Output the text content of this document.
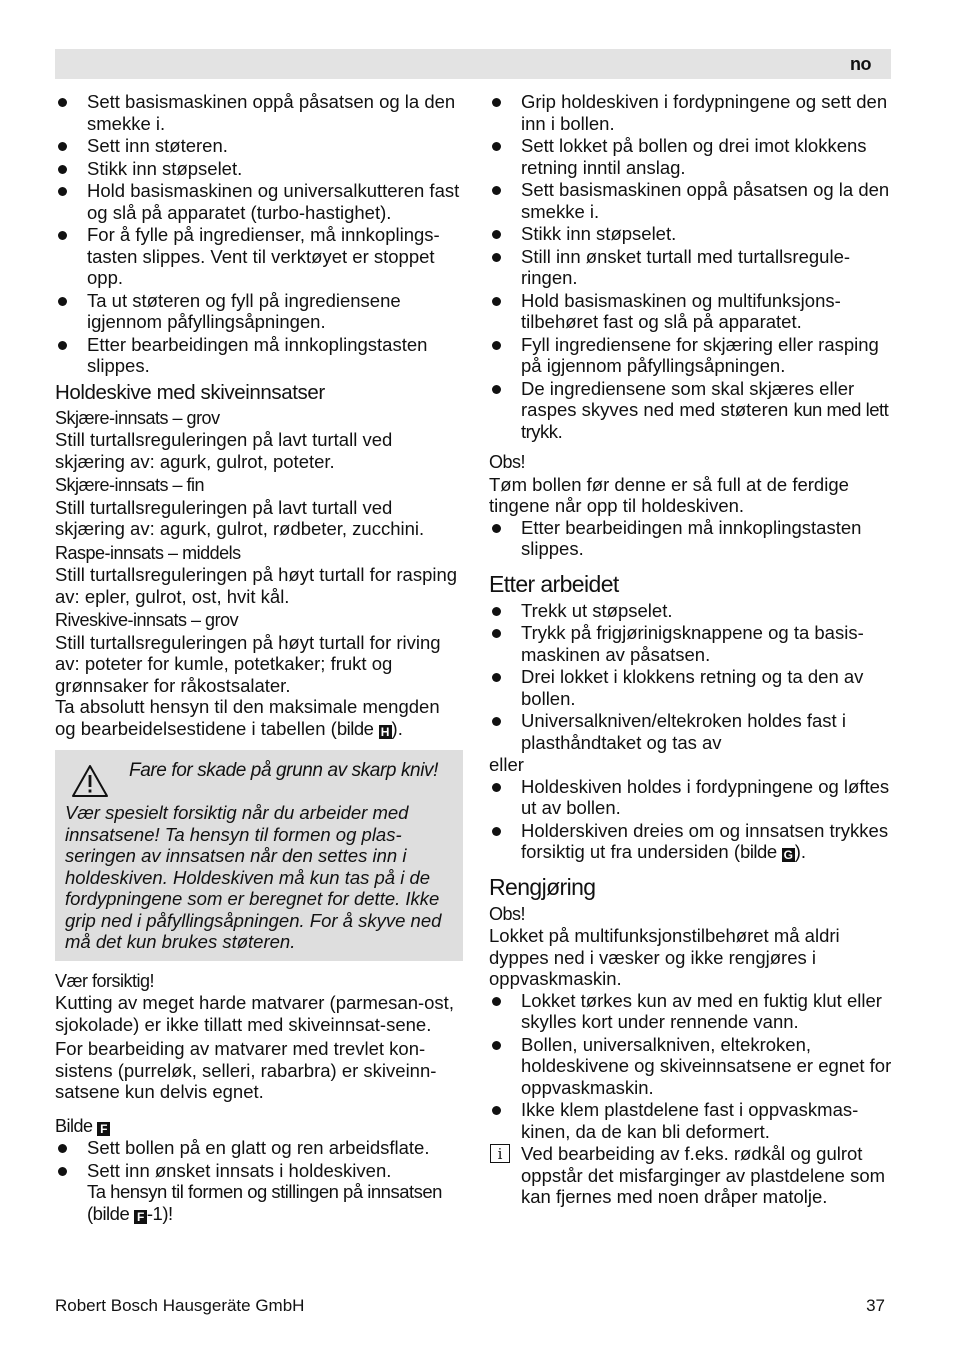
no
Sett basismaskinen oppå påsatsen og la den smekke i.
Sett inn støteren.
Stikk inn støpselet.
Hold basismaskinen og universalkutteren fast og slå på apparatet (turbo-hastighet).
For å fylle på ingredienser, må innkoplings-tasten slippes. Vent til verktøyet er stoppet opp.
Ta ut støteren og fyll på ingrediensene igjennom påfyllingsåpningen.
Etter bearbeidingen må innkoplingstasten slippes.
Holdeskive med skiveinnsatser
Skjære-innsats – grov

Still turtallsreguleringen på lavt turtall ved skjæring av: agurk, gulrot, poteter.

Skjære-innsats – fin

Still turtallsreguleringen på lavt turtall ved skjæring av: agurk, gulrot, rødbeter, zucchini.

Raspe-innsats – middels

Still turtallsreguleringen på høyt turtall for rasping av: epler, gulrot, ost, hvit kål.

Riveskive-innsats – grov

Still turtallsreguleringen på høyt turtall for riving av: poteter for kumle, potetkaker; frukt og grønnsaker for råkostsalater.

Ta absolutt hensyn til den maksimale mengden og bearbeidelsestidene i tabellen (bilde H ).

Fare for skade på grunn av skarp kniv!
Vær spesielt forsiktig når du arbeider med innsatsene! Ta hensyn til formen og plas-seringen av innsatsen når den settes inn i holdeskiven. Holdeskiven må kun tas på i de fordypningene som er beregnet for dette. Ikke grip ned i påfyllingsåpningen. For å skyve ned må det kun brukes støteren.
Vær forsiktig!

Kutting av meget harde matvarer (parmesan-ost, sjokolade) er ikke tillatt med skiveinnsat-sene.

For bearbeiding av matvarer med trevlet kon-sistens (purreløk, selleri, rabarbra) er skiveinn-satsene kun delvis egnet.

Bilde F
Sett bollen på en glatt og ren arbeidsflate.
Sett inn ønsket innsats i holdeskiven.
Ta hensyn til formen og stillingen på innsatsen (bilde F -1)!
Grip holdeskiven i fordypningene og sett den inn i bollen.
Sett lokket på bollen og drei imot klokkens retning inntil anslag.
Sett basismaskinen oppå påsatsen og la den smekke i.
Stikk inn støpselet.
Still inn ønsket turtall med turtallsregule-ringen.
Hold basismaskinen og multifunksjons-tilbehøret fast og slå på apparatet.
Fyll ingrediensene for skjæring eller rasping på igjennom påfyllingsåpningen.
De ingrediensene som skal skjæres eller raspes skyves ned med støteren kun med lett trykk.
Obs!

Tøm bollen før denne er så full at de ferdige tingene når opp til holdeskiven.

Etter bearbeidingen må innkoplingstasten slippes.
Etter arbeidet
Trekk ut støpselet.
Trykk på frigjørinigsknappene og ta basis-maskinen av påsatsen.
Drei lokket i klokkens retning og ta den av bollen.
Universalkniven/eltekroken holdes fast i plasthåndtaket og tas av

eller

Holdeskiven holdes i fordypningene og løftes ut av bollen.
Holderskiven dreies om og innsatsen trykkes forsiktig ut fra undersiden (bilde G).
Rengjøring
Obs!

Lokket på multifunksjonstilbehøret må aldri dyppes ned i væsker og ikke rengjøres i oppvaskmaskin.

Lokket tørkes kun av med en fuktig klut eller skylles kort under rennende vann.
Bollen, universalkniven, eltekroken, holdeskivene og skiveinnsatsene er egnet for oppvaskmaskin.
Ikke klem plastdelene fast i oppvaskmas-kinen, da de kan bli deformert.
i	Ved bearbeiding av f.eks. rødkål og gulrot oppstår det misfarginger av plastdelene som kan fjernes med noen dråper matolje.

Robert Bosch Hausgeräte GmbH	37
